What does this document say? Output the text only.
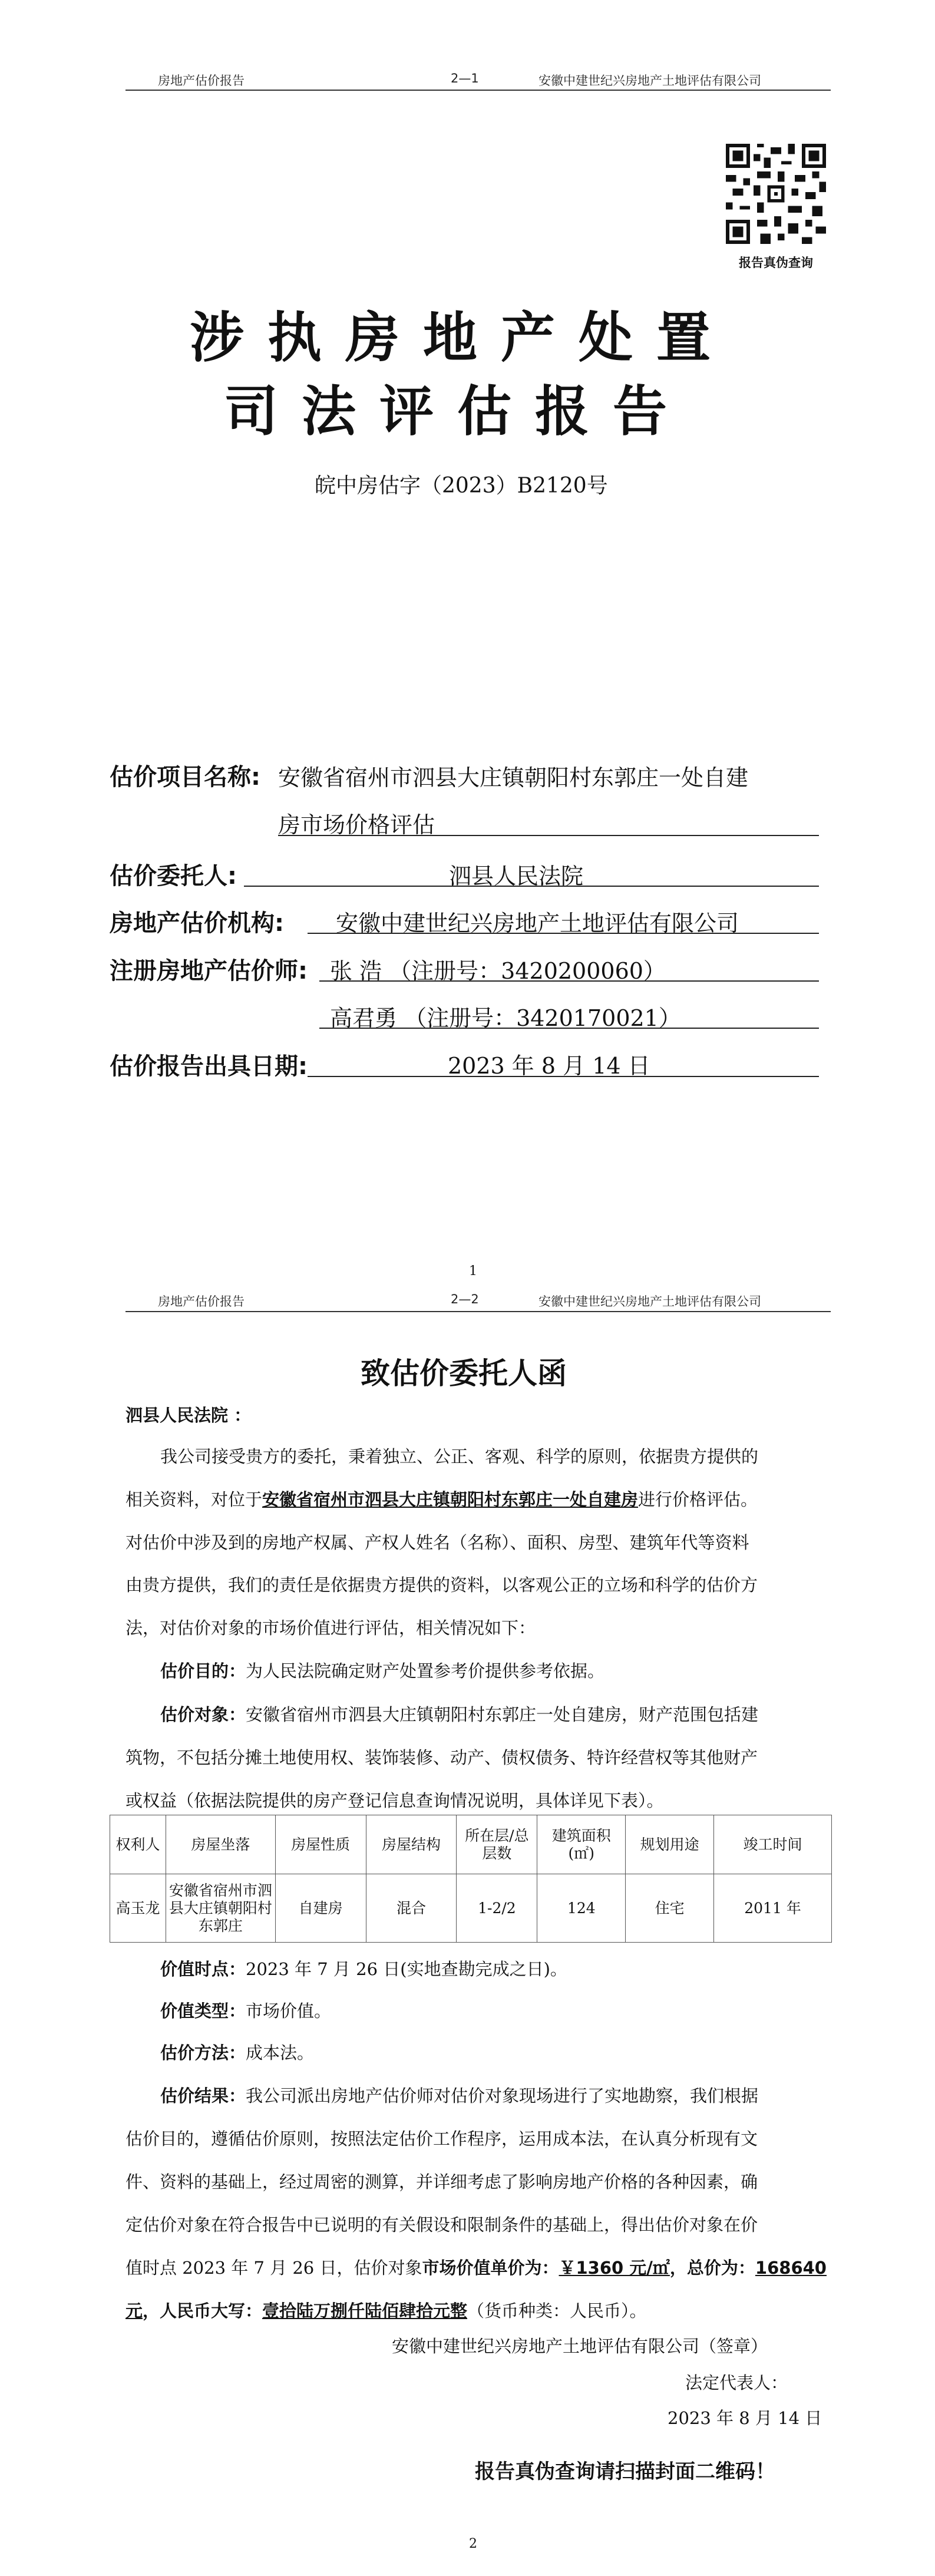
房地产估价报告	2—1	安徽中建世纪兴房地产土地评估有限公司
报告真伪查询
涉执房地产处置
司法评估报告
皖中房估字（2023）B2120号
估价项目名称: 安徽省宿州市泗县大庄镇朝阳村东郭庄一处自建
房市场价格评估
估价委托人:	泗县人民法院
房地产估价机构: 安徽中建世纪兴房地产土地评估有限公司
注册房地产估价师: 张 浩 （注册号：3420200060）
高君勇 （注册号：3420170021）
估价报告出具日期:	2023 年 8 月 14 日
1
房地产估价报告	2—2	安徽中建世纪兴房地产土地评估有限公司
致估价委托人函
泗县人民法院 ：
我公司接受贵方的委托，秉着独立、公正、客观、科学的原则，依据贵方提供的
相关资料，对位于安徽省宿州市泗县大庄镇朝阳村东郭庄一处自建房进行价格评估。
对估价中涉及到的房地产权属、产权人姓名（名称）、面积、房型、建筑年代等资料
由贵方提供，我们的责任是依据贵方提供的资料，以客观公正的立场和科学的估价方
法，对估价对象的市场价值进行评估，相关情况如下：
估价目的：为人民法院确定财产处置参考价提供参考依据。
估价对象：安徽省宿州市泗县大庄镇朝阳村东郭庄一处自建房，财产范围包括建
筑物，不包括分摊土地使用权、装饰装修、动产、债权债务、特许经营权等其他财产
或权益（依据法院提供的房产登记信息查询情况说明，具体详见下表）。
权利人	房屋坐落	房屋性质	房屋结构	所在层/总层数	建筑面积(㎡)	规划用途	竣工时间
高玉龙	安徽省宿州市泗县大庄镇朝阳村东郭庄	自建房	混合	1-2/2	124	住宅	2011 年
价值时点：2023 年 7 月 26 日(实地查勘完成之日)。
价值类型：市场价值。
估价方法：成本法。
估价结果：我公司派出房地产估价师对估价对象现场进行了实地勘察，我们根据
估价目的，遵循估价原则，按照法定估价工作程序，运用成本法，在认真分析现有文
件、资料的基础上，经过周密的测算，并详细考虑了影响房地产价格的各种因素，确
定估价对象在符合报告中已说明的有关假设和限制条件的基础上，得出估价对象在价
值时点 2023 年 7 月 26 日，估价对象市场价值单价为：￥1360 元/㎡，总价为：168640
元，人民币大写：壹拾陆万捌仟陆佰肆拾元整（货币种类：人民币）。
安徽中建世纪兴房地产土地评估有限公司（签章）
法定代表人：
2023 年 8 月 14 日
报告真伪查询请扫描封面二维码！
2
